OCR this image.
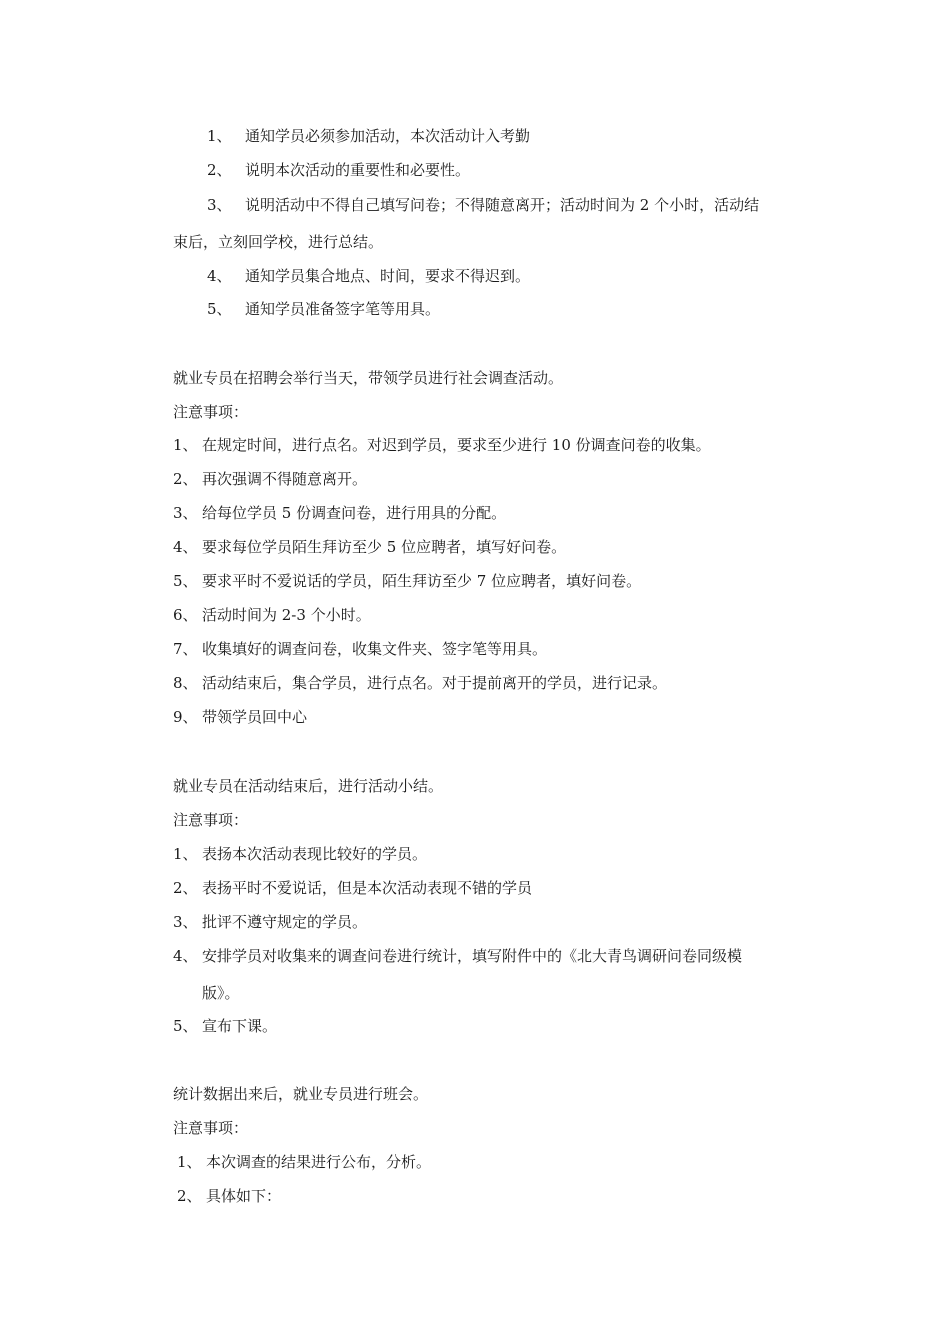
1、 通知学员必须参加活动，本次活动计入考勤
2、 说明本次活动的重要性和必要性。
3、 说明活动中不得自己填写问卷；不得随意离开；活动时间为 2 个小时，活动结
束后，立刻回学校，进行总结。
4、 通知学员集合地点、时间，要求不得迟到。
5、 通知学员准备签字笔等用具。
就业专员在招聘会举行当天，带领学员进行社会调查活动。
注意事项：
1、 在规定时间，进行点名。对迟到学员，要求至少进行 10 份调查问卷的收集。
2、 再次强调不得随意离开。
3、 给每位学员 5 份调查问卷，进行用具的分配。
4、 要求每位学员陌生拜访至少 5 位应聘者，填写好问卷。
5、 要求平时不爱说话的学员，陌生拜访至少 7 位应聘者，填好问卷。
6、 活动时间为 2-3 个小时。
7、 收集填好的调查问卷，收集文件夹、签字笔等用具。
8、 活动结束后，集合学员，进行点名。对于提前离开的学员，进行记录。
9、 带领学员回中心
就业专员在活动结束后，进行活动小结。
注意事项：
1、 表扬本次活动表现比较好的学员。
2、 表扬平时不爱说话，但是本次活动表现不错的学员
3、 批评不遵守规定的学员。
4、 安排学员对收集来的调查问卷进行统计，填写附件中的《北大青鸟调研问卷同级模
版》。
5、 宣布下课。
统计数据出来后，就业专员进行班会。
注意事项：
1、 本次调查的结果进行公布，分析。
2、 具体如下：
